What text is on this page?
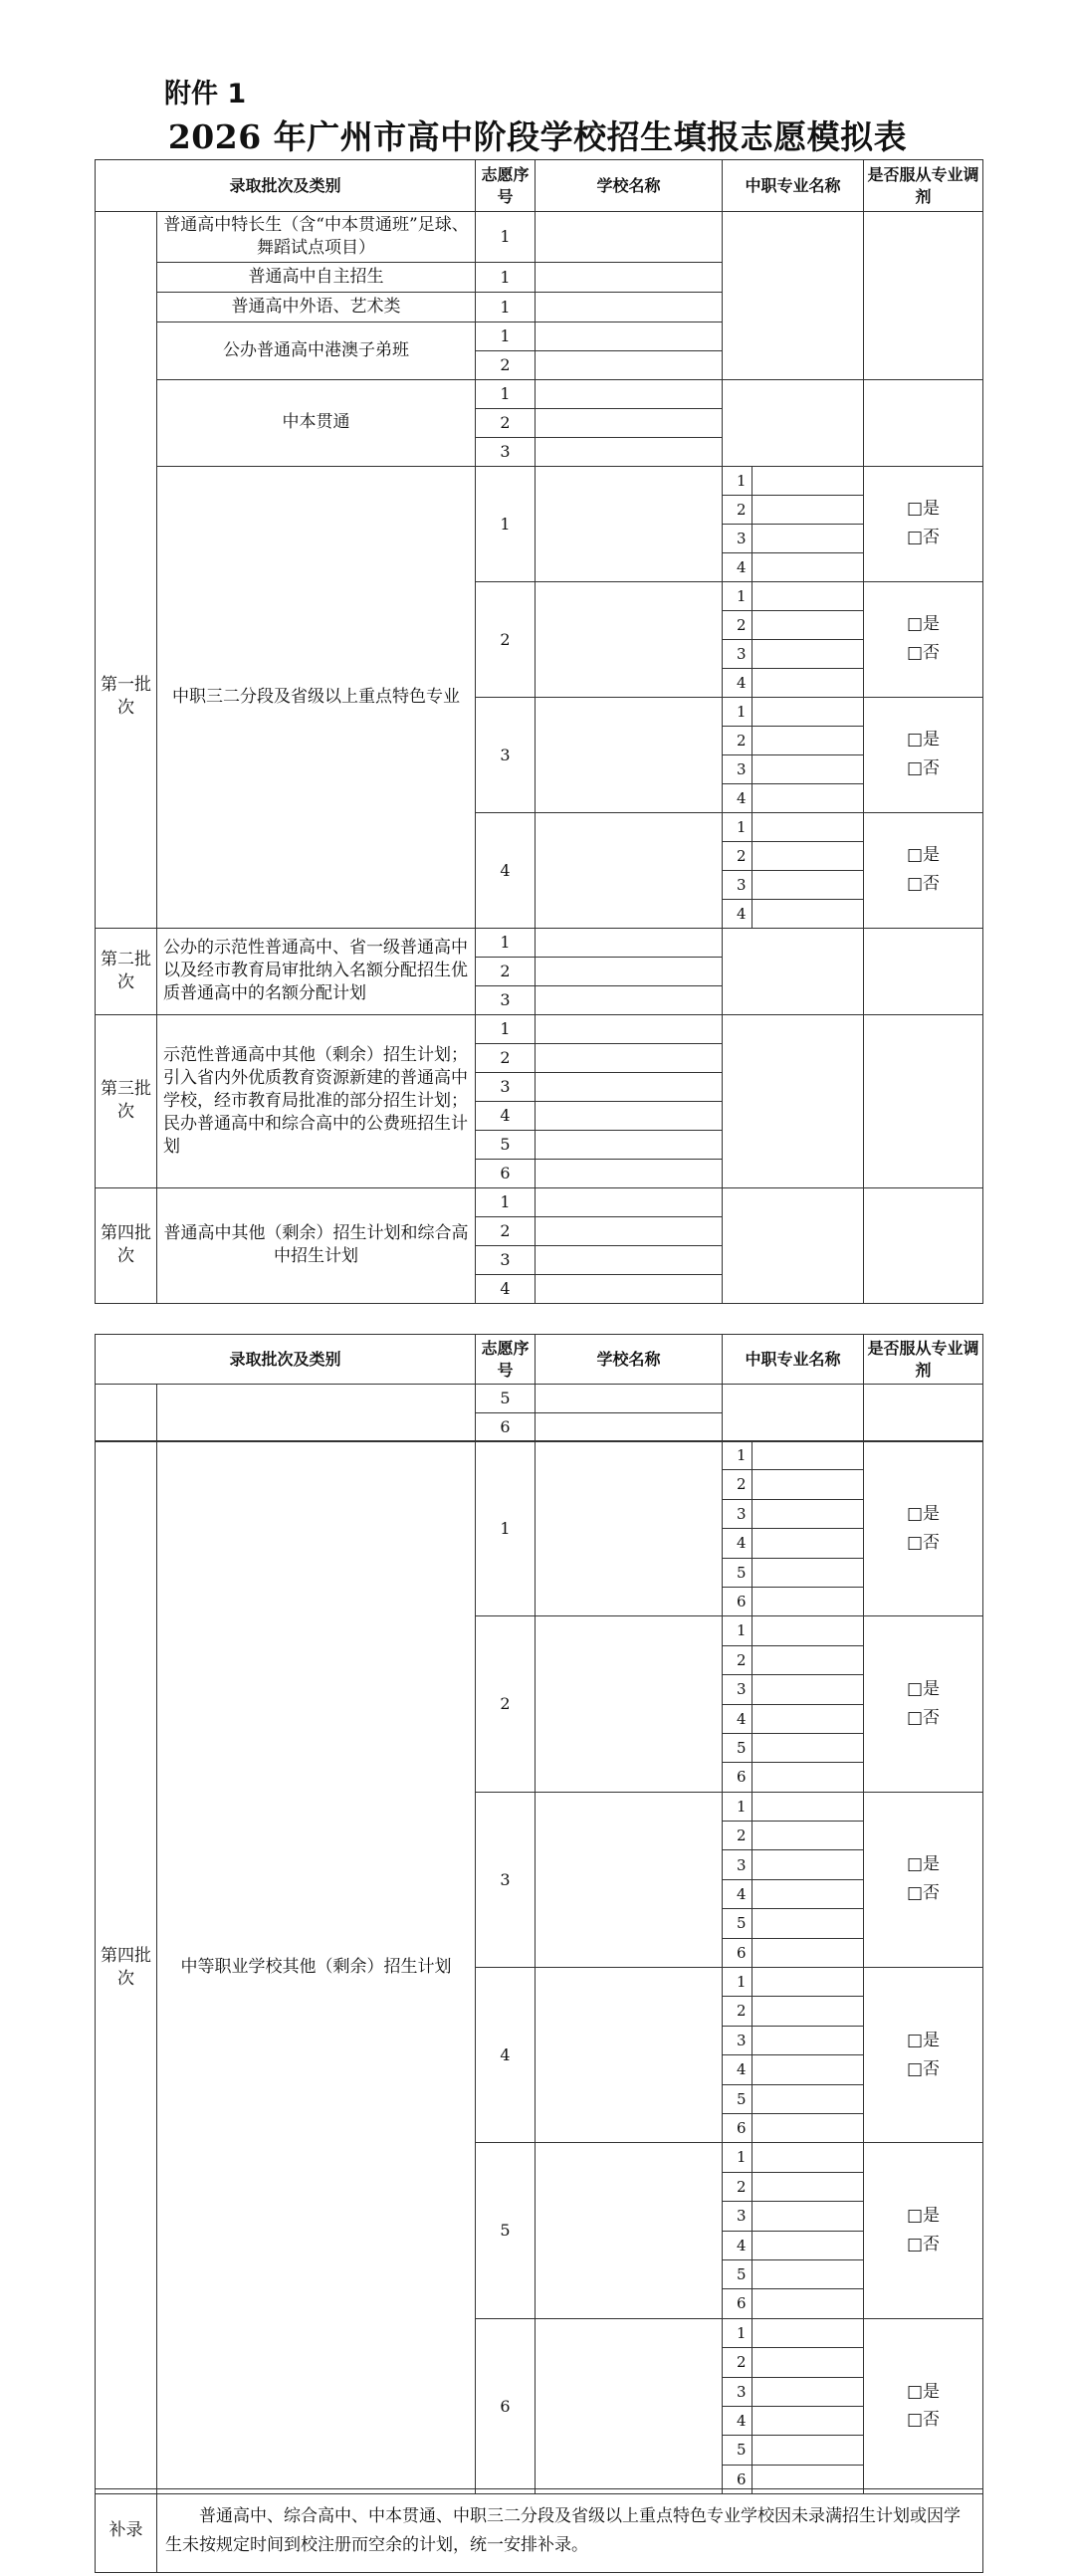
附件 1
2026 年广州市高中阶段学校招生填报志愿模拟表
录取批次及类别		志愿序号	学校名称	中职专业名称		是否服从专业调剂
	普通高中特长生（含“中本贯通班”足球、舞蹈试点项目）	1				
	普通高中自主招生	1				
	普通高中外语、艺术类	1				
	公办普通高中港澳子弟班	1				
		2				

	中本贯通	1				
		2				
		3				
第一批次	中职三二分段及省级以上重点特色专业	1		1		□是
□否

				2		
				3		
				4		
		2		1		□是
□否

				2		
				3		
				4		
		3		1		□是
□否

				2		
				3		
				4		
		4		1		□是
□否

				2		
				3		
				4		
第二批次	公办的示范性普通高中、省一级普通高中以及经市教育局审批纳入名额分配招生优质普通高中的名额分配计划	1				
		2				
		3				
第三批次	示范性普通高中其他（剩余）招生计划；引入省内外优质教育资源新建的普通高中学校，经市教育局批准的部分招生计划；民办普通高中和综合高中的公费班招生计划	1				
		2				
		3				
		4				
		5				
		6				
第四批次	普通高中其他（剩余）招生计划和综合高中招生计划	1				
		2				
		3				
		4				
录取批次及类别		志愿序号	学校名称	中职专业名称	是否服从专业调剂
		5			
		6			
第四批次	中等职业学校其他（剩余）招生计划	1		1		□是
□否

				2		
				3		
				4		
				5		
				6		
		2		1		□是
□否

				2		
				3		
				4		
				5		
				6		
		3		1		□是
□否

				2		
				3		
				4		
				5		
				6		
		4		1		□是
□否

				2		
				3		
				4		
				5		
				6		
		5		1		□是
□否

				2		
				3		
				4		
				5		
				6		
		6		1		□是
□否

				2		
				3		
				4		
				5		
				6		
补录	普通高中、综合高中、中本贯通、中职三二分段及省级以上重点特色专业学校因未录满招生计划或因学生未按规定时间到校注册而空余的计划，统一安排补录。
